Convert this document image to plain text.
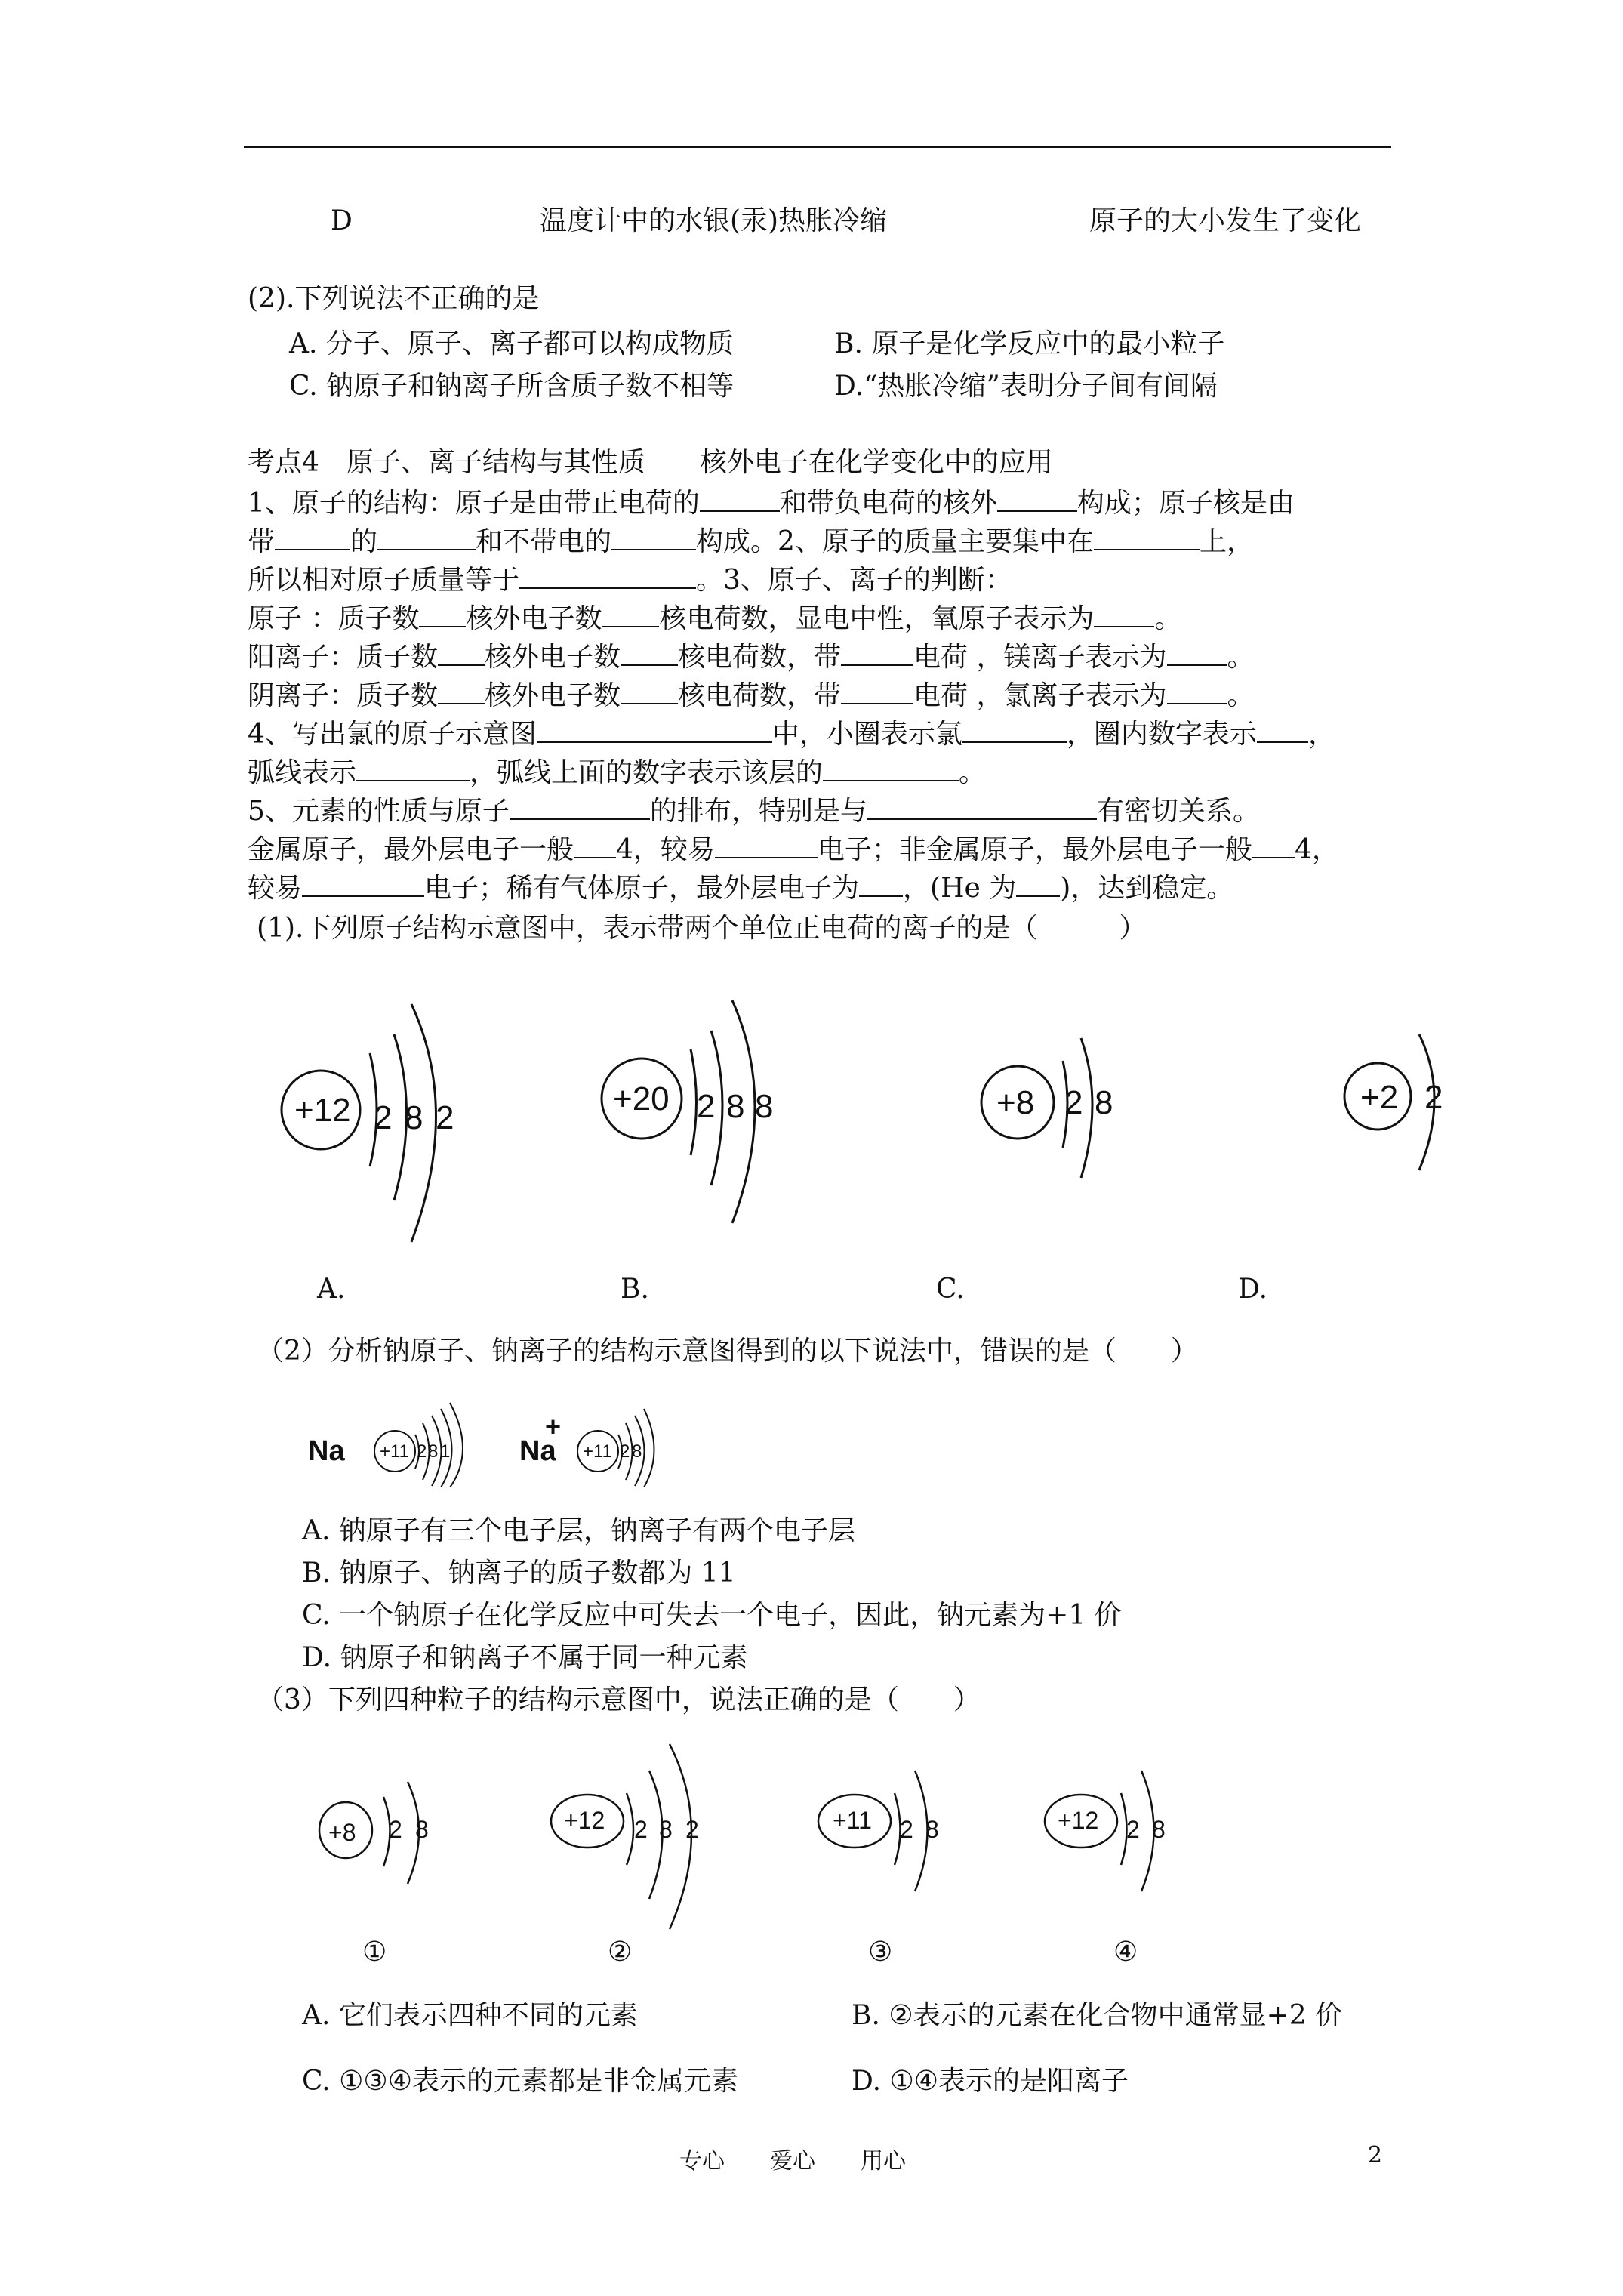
D	温度计中的水银(汞)热胀冷缩	原子的大小发生了变化
(2).下列说法不正确的是
A. 分子、原子、离子都可以构成物质	B. 原子是化学反应中的最小粒子
C. 钠原子和钠离子所含质子数不相等	D.“热胀冷缩”表明分子间有间隔
考点4　原子、离子结构与其性质　　核外电子在化学变化中的应用
1、原子的结构：原子是由带正电荷的	和带负电荷的核外	构成；原子核是由
带	的	和不带电的	构成。2、原子的质量主要集中在	上，
所以相对原子质量等于	。3、原子、离子的判断：
原子 ：质子数 核外电子数 核电荷数，显电中性，氧原子表示为 。
阳离子：质子数 核外电子数 核电荷数，带	电荷 ，镁离子表示为 。
阴离子：质子数 核外电子数 核电荷数，带	电荷 ，氯离子表示为 。
4、写出氯的原子示意图	中，小圈表示氯	，圈内数字表示 ，
弧线表示	，弧线上面的数字表示该层的	。
5、元素的性质与原子	的排布，特别是与	有密切关系。
金属原子，最外层电子一般 4，较易	电子；非金属原子，最外层电子一般 4，
较易	电子；稀有气体原子，最外层电子为 ，(He 为 )，达到稳定。
(1).下列原子结构示意图中，表示带两个单位正电荷的离子的是（　　　）
+12 2 8 2
+20 2 8 8	+8 2 8	+2 2
A.	B.	C.	D.
（2）分析钠原子、钠离子的结构示意图得到的以下说法中，错误的是（　　）
Na +11 2 8 1 Na
+
+11 2 8
A. 钠原子有三个电子层，钠离子有两个电子层
B. 钠原子、钠离子的质子数都为 11
C. 一个钠原子在化学反应中可失去一个电子，因此，钠元素为+1 价
D. 钠原子和钠离子不属于同一种元素
（3）下列四种粒子的结构示意图中，说法正确的是（　　）
+8 2 8	+12 2 8 2	+11 2 8	+12 2 8
①	②	③	④
A. 它们表示四种不同的元素	B. ②表示的元素在化合物中通常显+2 价
C. ①③④表示的元素都是非金属元素	D. ①④表示的是阳离子
专心　　爱心　　用心	2
